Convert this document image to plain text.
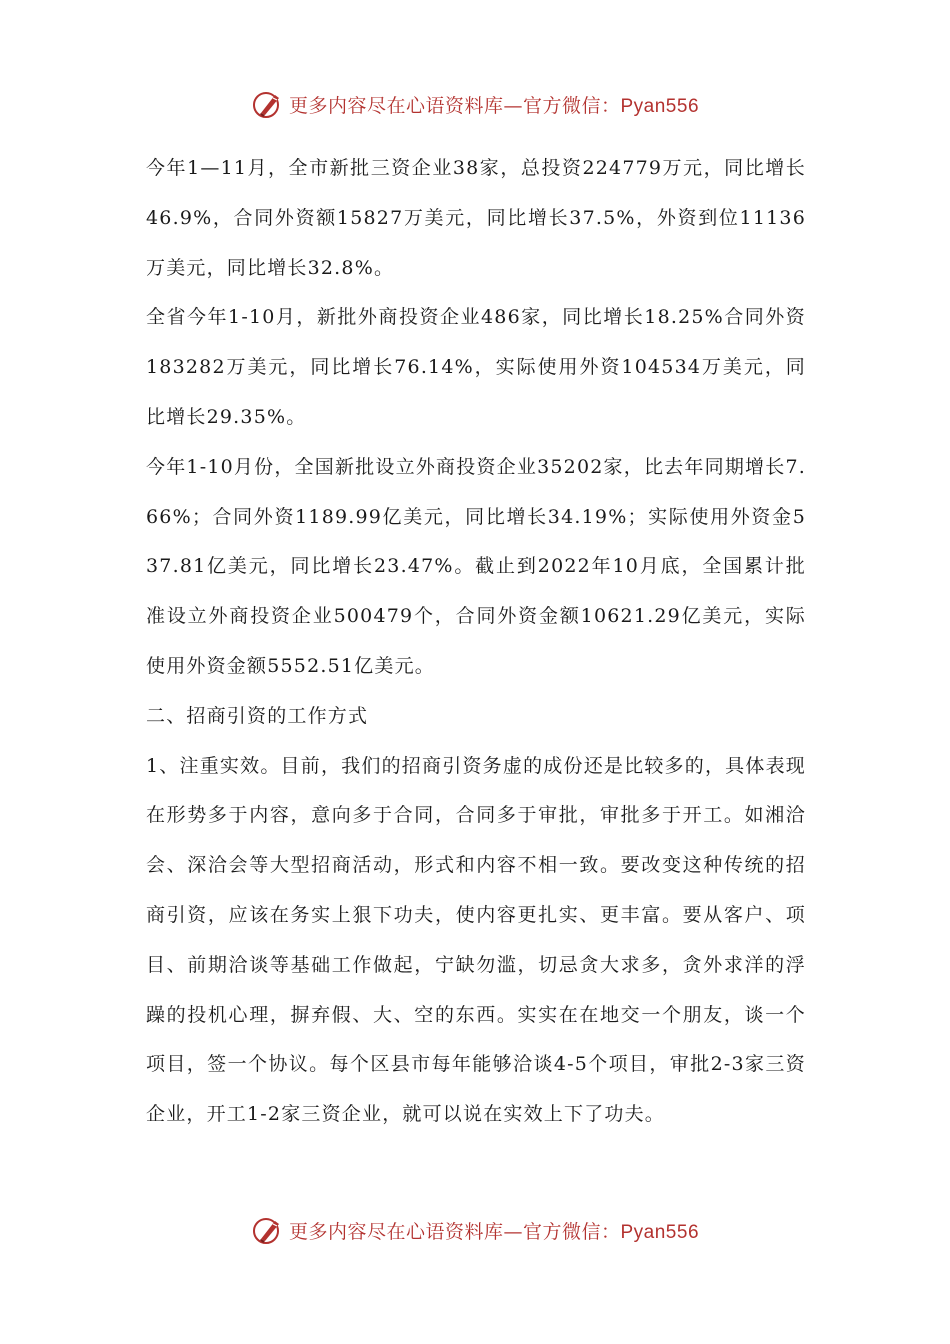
更多内容尽在心语资料库—官方微信：Pyan556

今年1—11月，全市新批三资企业38家，总投资224779万元，同比增长46.9%，合同外资额15827万美元，同比增长37.5%，外资到位11136万美元，同比增长32.8%。

全省今年1-10月，新批外商投资企业486家，同比增长18.25%合同外资183282万美元，同比增长76.14%，实际使用外资104534万美元，同比增长29.35%。

今年1-10月份，全国新批设立外商投资企业35202家，比去年同期增长7.66%；合同外资1189.99亿美元，同比增长34.19%；实际使用外资金537.81亿美元，同比增长23.47%。截止到2022年10月底，全国累计批准设立外商投资企业500479个，合同外资金额10621.29亿美元，实际使用外资金额5552.51亿美元。

二、招商引资的工作方式

1、注重实效。目前，我们的招商引资务虚的成份还是比较多的，具体表现在形势多于内容，意向多于合同，合同多于审批，审批多于开工。如湘洽会、深洽会等大型招商活动，形式和内容不相一致。要改变这种传统的招商引资，应该在务实上狠下功夫，使内容更扎实、更丰富。要从客户、项目、前期洽谈等基础工作做起，宁缺勿滥，切忌贪大求多，贪外求洋的浮躁的投机心理，摒弃假、大、空的东西。实实在在地交一个朋友，谈一个项目，签一个协议。每个区县市每年能够洽谈4-5个项目，审批2-3家三资企业，开工1-2家三资企业，就可以说在实效上下了功夫。

更多内容尽在心语资料库—官方微信：Pyan556
